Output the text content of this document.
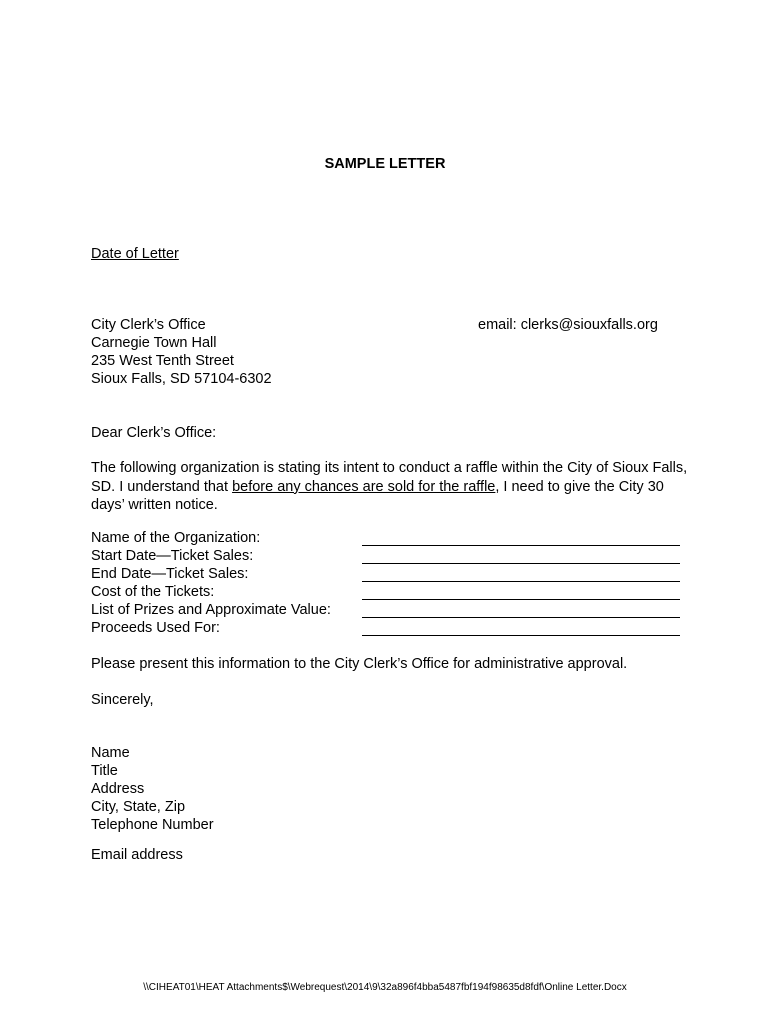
SAMPLE LETTER
Date of Letter
City Clerk’s Office
Carnegie Town Hall
235 West Tenth Street
Sioux Falls, SD 57104-6302
email: clerks@siouxfalls.org
Dear Clerk’s Office:
The following organization is stating its intent to conduct a raffle within the City of Sioux Falls, SD. I understand that before any chances are sold for the raffle, I need to give the City 30 days’ written notice.
Name of the Organization:
Start Date—Ticket Sales:
End Date—Ticket Sales:
Cost of the Tickets:
List of Prizes and Approximate Value:
Proceeds Used For:
Please present this information to the City Clerk’s Office for administrative approval.
Sincerely,
Name
Title
Address
City, State, Zip
Telephone Number
Email address
\\CIHEAT01\HEAT Attachments$\Webrequest\2014\9\32a896f4bba5487fbf194f98635d8fdf\Online Letter.Docx
